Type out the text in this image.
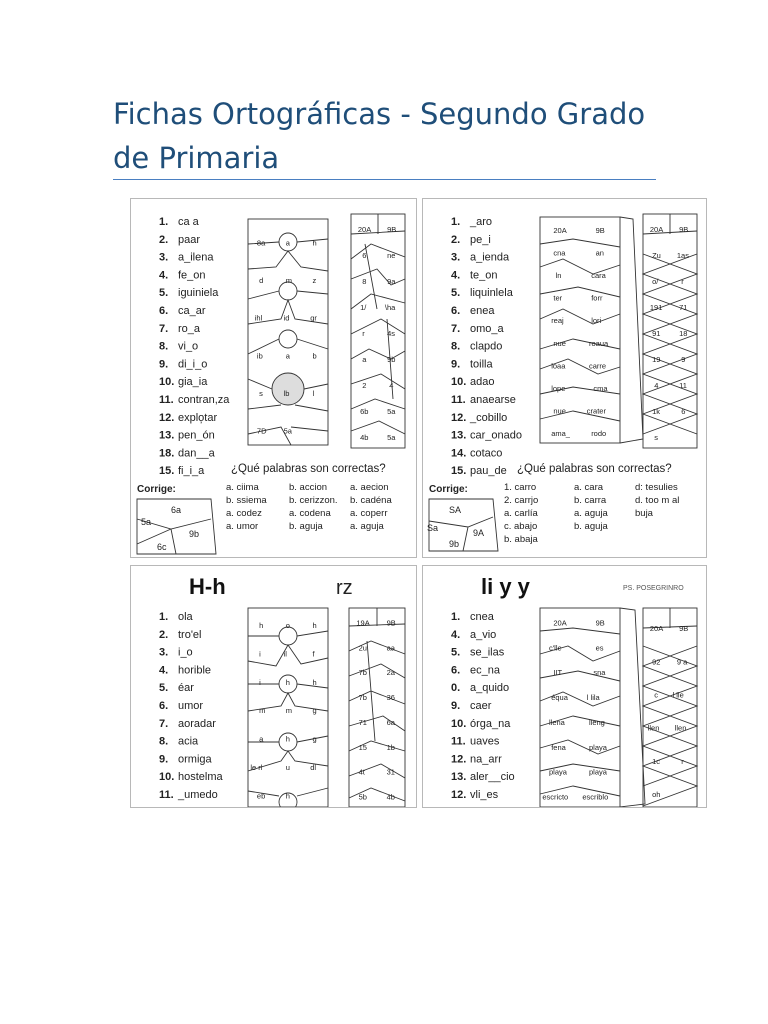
Fichas Ortográficas - Segundo Grado de Primaria
1. ca a
2. paar
3. a_ilena
4. fe_on
5. iguiniela
6. ca_ar
7. ro_a
8. vi_o
9. di_i_o
10. gia_ia
11. contran,za
12. explo̦tar
13. pen_ón
18. dan__a
15. fi_i_a
8a	a	h
d	m	z
ihl	id	gr
ib	a	b
s	lb	l
7D 5a
20A 9B
6	ne
8	9a
1/ \ha
r	4s
a	9b
2	4
6b 5a
4b 5a
¿Qué palabras son correctas?
Corrige:	a. ciima	b. accion a. aecion
b. ssiema b. cerizzon. b. cadéna
a. codez	a. codena a. coperr
a. umor	b. aguja	a. aguja
6a
5a
9b
6c
1. _aro
2. pe_i
3. a_ienda
4. te_on
5. liquinlela
6. enea
7. omo_a
8. clapdo
9. toilla
10. adao
11. anaearse
12. _cobillo
13. car_onado
14. cotaco
15. pau_de
20A	9B
cna	an
ln	cara
ter	forr
reaj	lori
nue	roaua
loaa	carre
lope	cma
nue	crater
ama_	rodo
20A 9B
Zu 1as
o/	r
191 71
91 18
19	9
4	11
1k	6
s
¿Qué palabras son correctas?
Corrige:	1. carro	a. cara	d: tesulies
2. carrjo	b. carra	d. too m al
a. carlía	a. aguja	buja
c. abajo	b. aguja
b. abaja
SA
Sa	9A
9b
H-h	rz
1. ola
2. tro'el
3. i_o
4. horible
5. éar
6. umor
7. aoradar
8. acia
9. ormiga
10. hostelma
11. _umedo
h	o	h
i	il	f
i	h	h
m	m	g
a	h	g
le rl	u	dl
eb	h
19A 9B
2u	aa
7b	2a
7b	36
71	6a
15	1b
4t	31
5b	4b
li y y	PS. POSEGRINRO
1. cnea
4. a_vio
5. se_ilas
6. ec_na
0. a_quido
9. caer
10. órga_na
11. uaves
12. na_arr
13. aler__cio
12. vli_es
20A	9B
c'lle	es
IIT	sna
équa	l lila
llena	lleng
fena	playa
playa	playa
escricto escriblo
20A 9B
92 9 a
c l lle
llen llen
1c	r
oh
